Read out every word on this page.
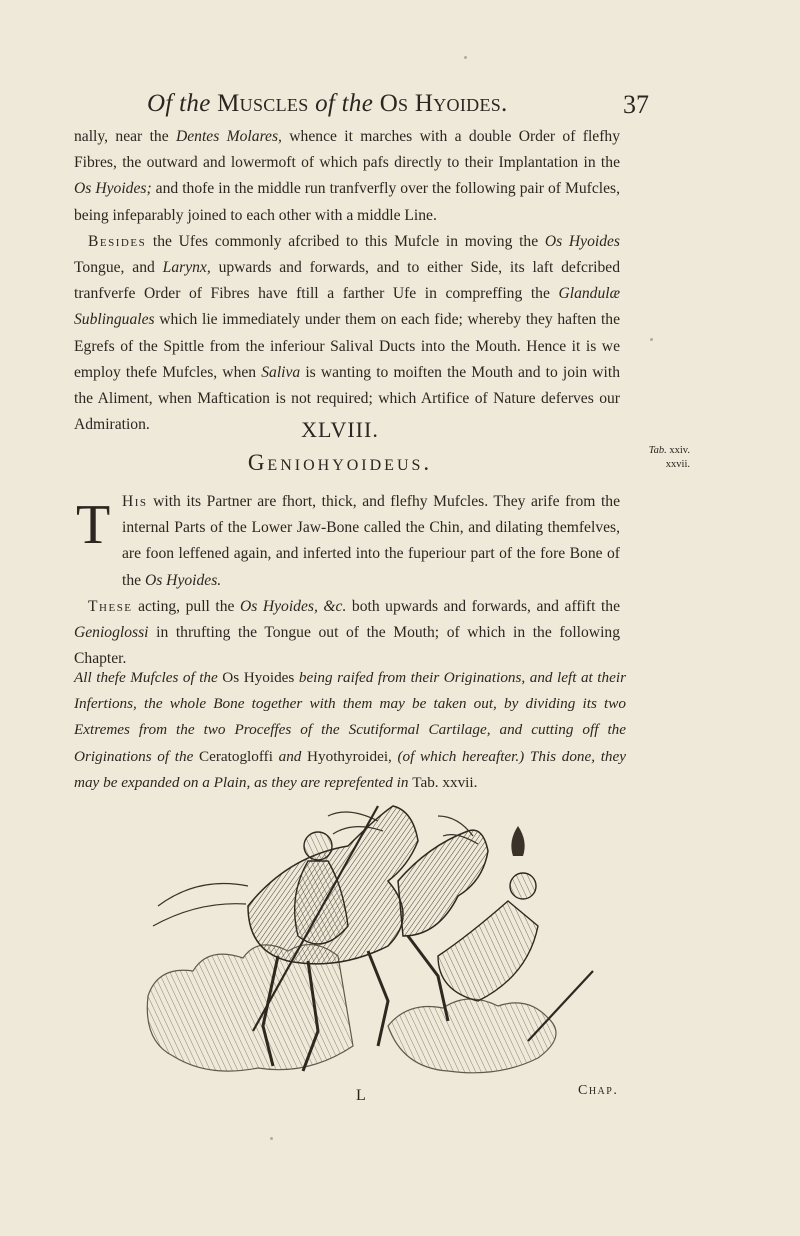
Of the Muscles of the Os Hyoides.	37

nally, near the Dentes Molares, whence it marches with a double Order of flefhy Fibres, the outward and lowermoft of which pafs directly to their Implantation in the Os Hyoides; and thofe in the middle run tranfverfly over the following pair of Mufcles, being infeparably joined to each other with a middle Line.

Besides the Ufes commonly afcribed to this Mufcle in moving the Os Hyoides Tongue, and Larynx, upwards and forwards, and to either Side, its laft defcribed tranfverfe Order of Fibres have ftill a farther Ufe in compreffing the Glandulæ Sublinguales which lie immediately under them on each fide; whereby they haften the Egrefs of the Spittle from the inferiour Salival Ducts into the Mouth. Hence it is we employ thefe Mufcles, when Saliva is wanting to moiften the Mouth and to join with the Aliment, when Maftication is not required; which Artifice of Nature deferves our Admiration.	XLVIII.
Geniohyoideus.	Tab. xxiv.
xxvii.
T His with its Partner are fhort, thick, and flefhy Mufcles. They arife from the internal Parts of the Lower Jaw-Bone called the Chin, and dilating themfelves, are foon leffened again, and inferted into the fuperiour part of the fore Bone of the Os Hyoides.

These acting, pull the Os Hyoides, &c. both upwards and forwards, and affift the Genioglossi in thrufting the Tongue out of the Mouth; of which in the following Chapter.

All thefe Mufcles of the Os Hyoides being raifed from their Originations, and left at their Infertions, the whole Bone together with them may be taken out, by dividing its two Extremes from the two Proceffes of the Scutiformal Cartilage, and cutting off the Originations of the Ceratogloffi and Hyothyroidei, (of which hereafter.) This done, they may be expanded on a Plain, as they are reprefented in Tab. xxvii.
L	Chap.
